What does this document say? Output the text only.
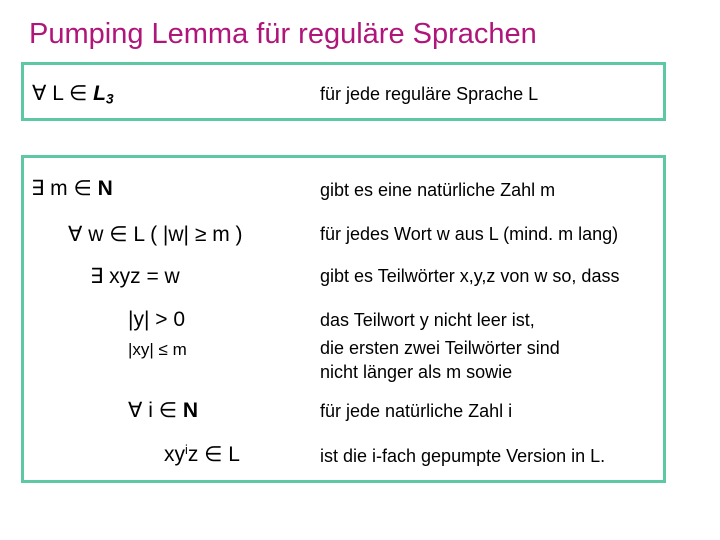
Pumping Lemma für reguläre Sprachen
∀ L ∈ $L_3$	für jede reguläre Sprache L
∃ m ∈ N	gibt es eine natürliche Zahl m
∀ w ∈ L ( |w| ≥ m )	für jedes Wort w aus L (mind. m lang)
∃ xyz = w	gibt es Teilwörter x,y,z von w so, dass
|y| > 0	das Teilwort y nicht leer ist,
|xy| ≤ m	die ersten zwei Teilwörter sind
nicht länger als m sowie
∀ i ∈ N	für jede natürliche Zahl i
$xy^iz$ ∈ L	ist die i-fach gepumpte Version in L.
